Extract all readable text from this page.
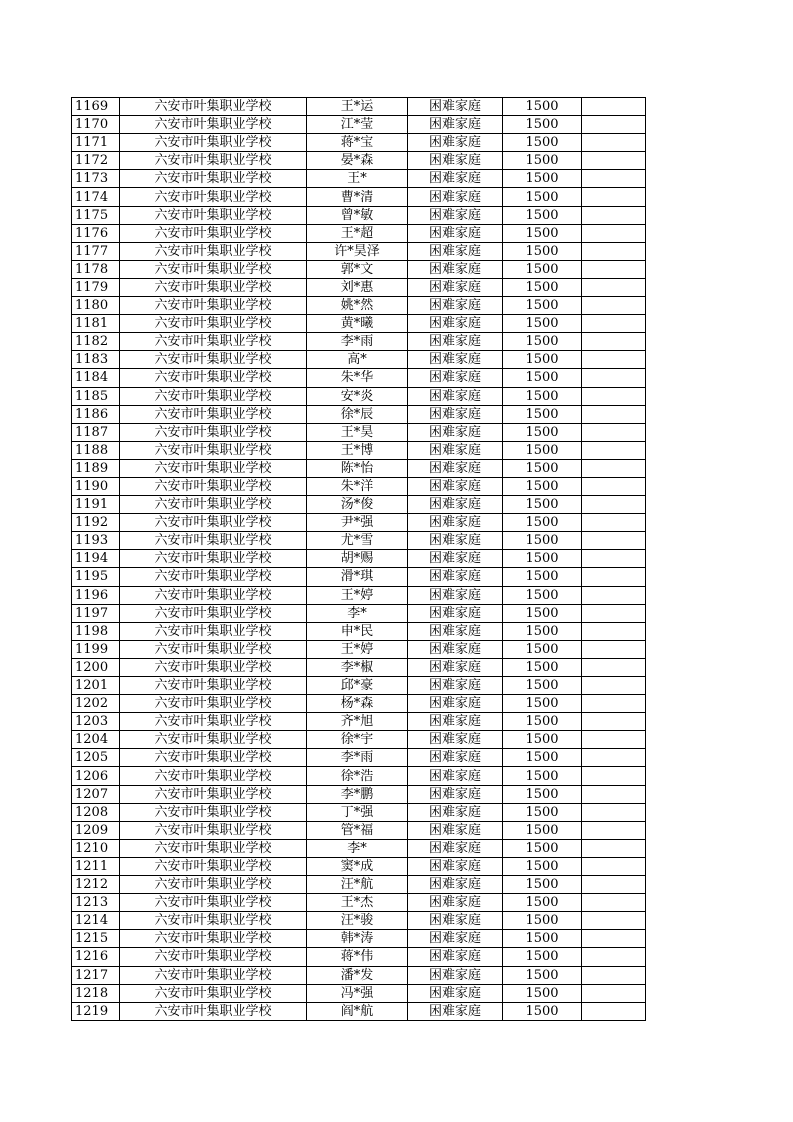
1169	六安市叶集职业学校	王*运	困难家庭	1500	
1170	六安市叶集职业学校	江*莹	困难家庭	1500	
1171	六安市叶集职业学校	蒋*宝	困难家庭	1500	
1172	六安市叶集职业学校	晏*森	困难家庭	1500	
1173	六安市叶集职业学校	王*	困难家庭	1500	
1174	六安市叶集职业学校	曹*清	困难家庭	1500	
1175	六安市叶集职业学校	曾*敏	困难家庭	1500	
1176	六安市叶集职业学校	王*超	困难家庭	1500	
1177	六安市叶集职业学校	许*昊泽	困难家庭	1500	
1178	六安市叶集职业学校	郭*文	困难家庭	1500	
1179	六安市叶集职业学校	刘*惠	困难家庭	1500	
1180	六安市叶集职业学校	姚*然	困难家庭	1500	
1181	六安市叶集职业学校	黄*曦	困难家庭	1500	
1182	六安市叶集职业学校	李*雨	困难家庭	1500	
1183	六安市叶集职业学校	高*	困难家庭	1500	
1184	六安市叶集职业学校	朱*华	困难家庭	1500	
1185	六安市叶集职业学校	安*炎	困难家庭	1500	
1186	六安市叶集职业学校	徐*辰	困难家庭	1500	
1187	六安市叶集职业学校	王*昊	困难家庭	1500	
1188	六安市叶集职业学校	王*博	困难家庭	1500	
1189	六安市叶集职业学校	陈*怡	困难家庭	1500	
1190	六安市叶集职业学校	朱*洋	困难家庭	1500	
1191	六安市叶集职业学校	汤*俊	困难家庭	1500	
1192	六安市叶集职业学校	尹*强	困难家庭	1500	
1193	六安市叶集职业学校	尤*雪	困难家庭	1500	
1194	六安市叶集职业学校	胡*赐	困难家庭	1500	
1195	六安市叶集职业学校	滑*琪	困难家庭	1500	
1196	六安市叶集职业学校	王*婷	困难家庭	1500	
1197	六安市叶集职业学校	李*	困难家庭	1500	
1198	六安市叶集职业学校	申*民	困难家庭	1500	
1199	六安市叶集职业学校	王*婷	困难家庭	1500	
1200	六安市叶集职业学校	李*椒	困难家庭	1500	
1201	六安市叶集职业学校	邱*豪	困难家庭	1500	
1202	六安市叶集职业学校	杨*森	困难家庭	1500	
1203	六安市叶集职业学校	齐*旭	困难家庭	1500	
1204	六安市叶集职业学校	徐*宇	困难家庭	1500	
1205	六安市叶集职业学校	李*雨	困难家庭	1500	
1206	六安市叶集职业学校	徐*浩	困难家庭	1500	
1207	六安市叶集职业学校	李*鹏	困难家庭	1500	
1208	六安市叶集职业学校	丁*强	困难家庭	1500	
1209	六安市叶集职业学校	管*福	困难家庭	1500	
1210	六安市叶集职业学校	李*	困难家庭	1500	
1211	六安市叶集职业学校	窦*成	困难家庭	1500	
1212	六安市叶集职业学校	汪*航	困难家庭	1500	
1213	六安市叶集职业学校	王*杰	困难家庭	1500	
1214	六安市叶集职业学校	汪*骏	困难家庭	1500	
1215	六安市叶集职业学校	韩*涛	困难家庭	1500	
1216	六安市叶集职业学校	蒋*伟	困难家庭	1500	
1217	六安市叶集职业学校	潘*发	困难家庭	1500	
1218	六安市叶集职业学校	冯*强	困难家庭	1500	
1219	六安市叶集职业学校	阎*航	困难家庭	1500	
